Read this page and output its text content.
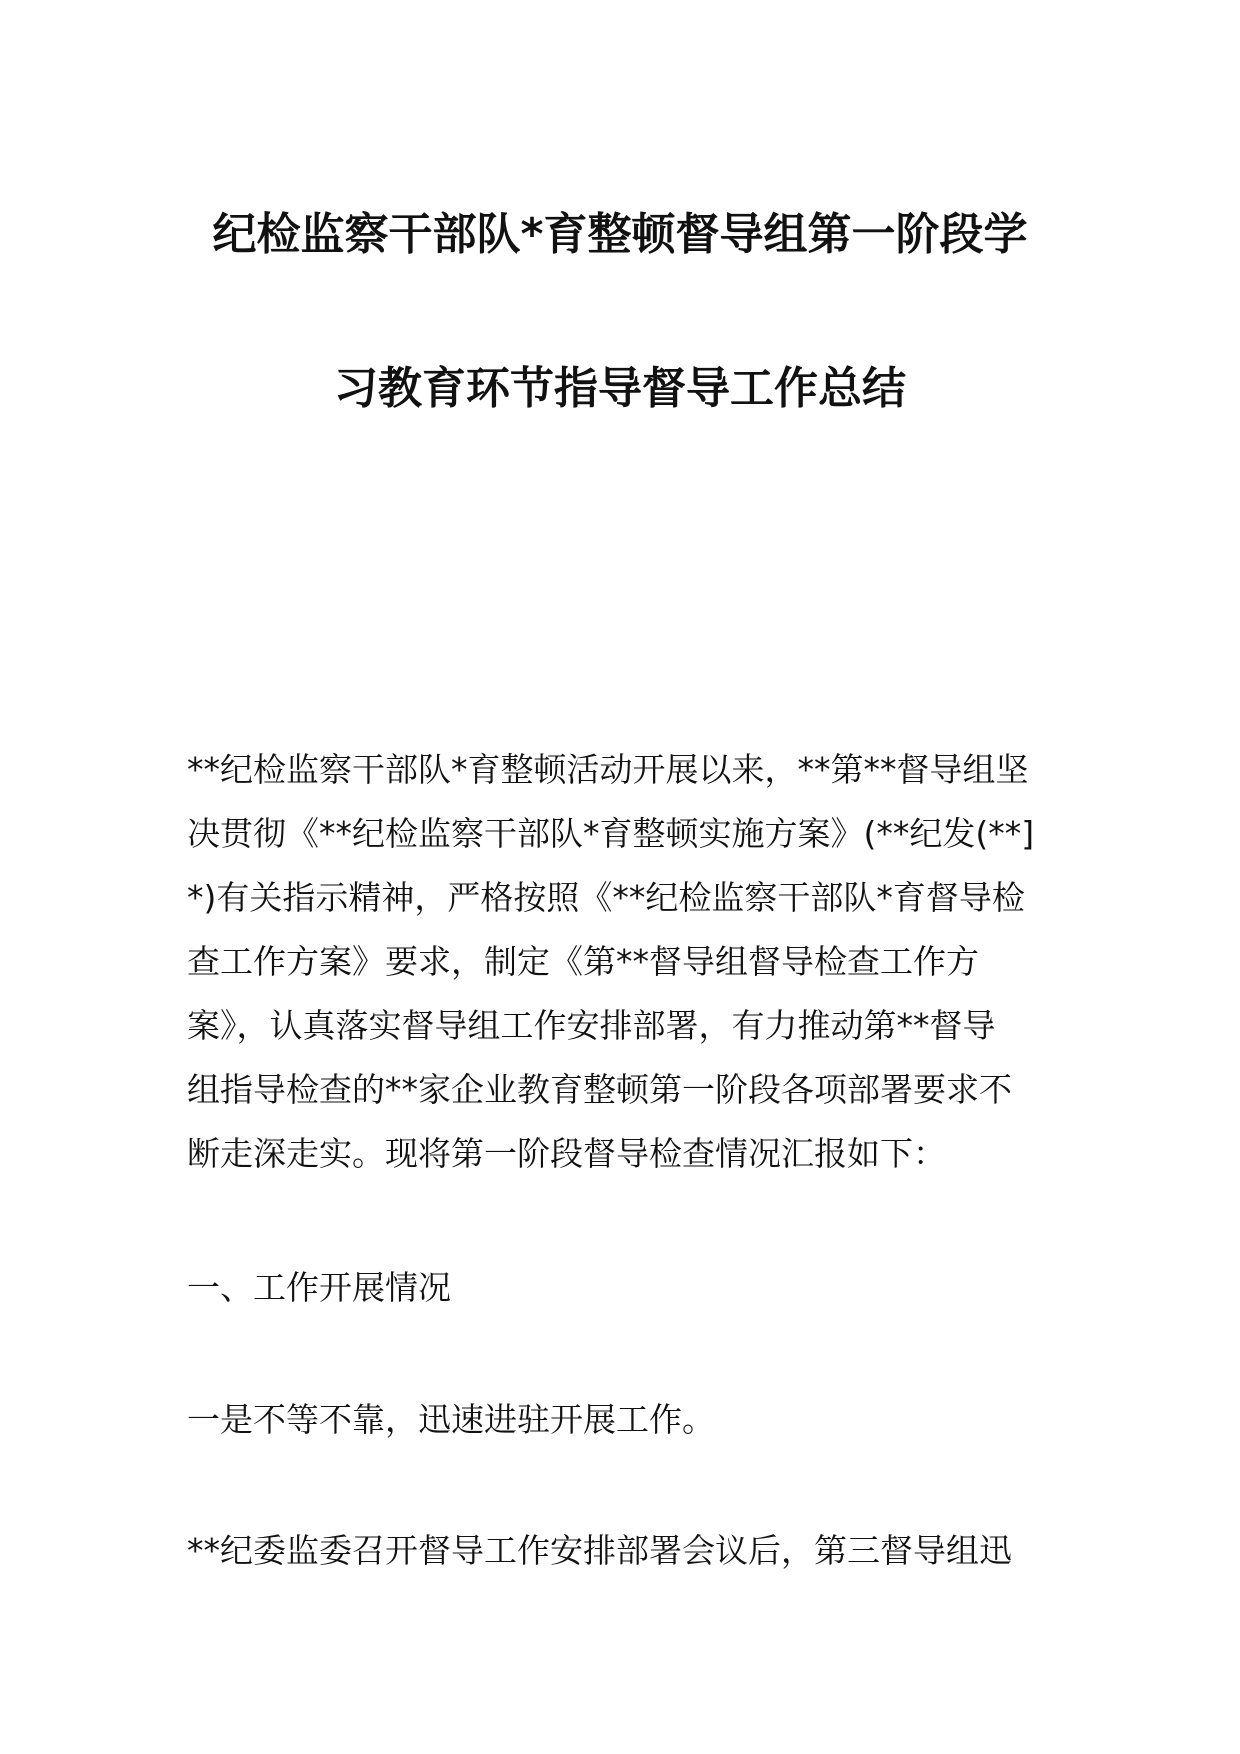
纪检监察干部队*育整顿督导组第一阶段学
习教育环节指导督导工作总结
**纪检监察干部队*育整顿活动开展以来，**第**督导组坚
决贯彻《**纪检监察干部队*育整顿实施方案》(**纪发(**]
*)有关指示精神，严格按照《**纪检监察干部队*育督导检
查工作方案》要求，制定《第**督导组督导检查工作方
案》，认真落实督导组工作安排部署，有力推动第**督导
组指导检查的**家企业教育整顿第一阶段各项部署要求不
断走深走实。现将第一阶段督导检查情况汇报如下：
一、工作开展情况
一是不等不靠，迅速进驻开展工作。
**纪委监委召开督导工作安排部署会议后，第三督导组迅
